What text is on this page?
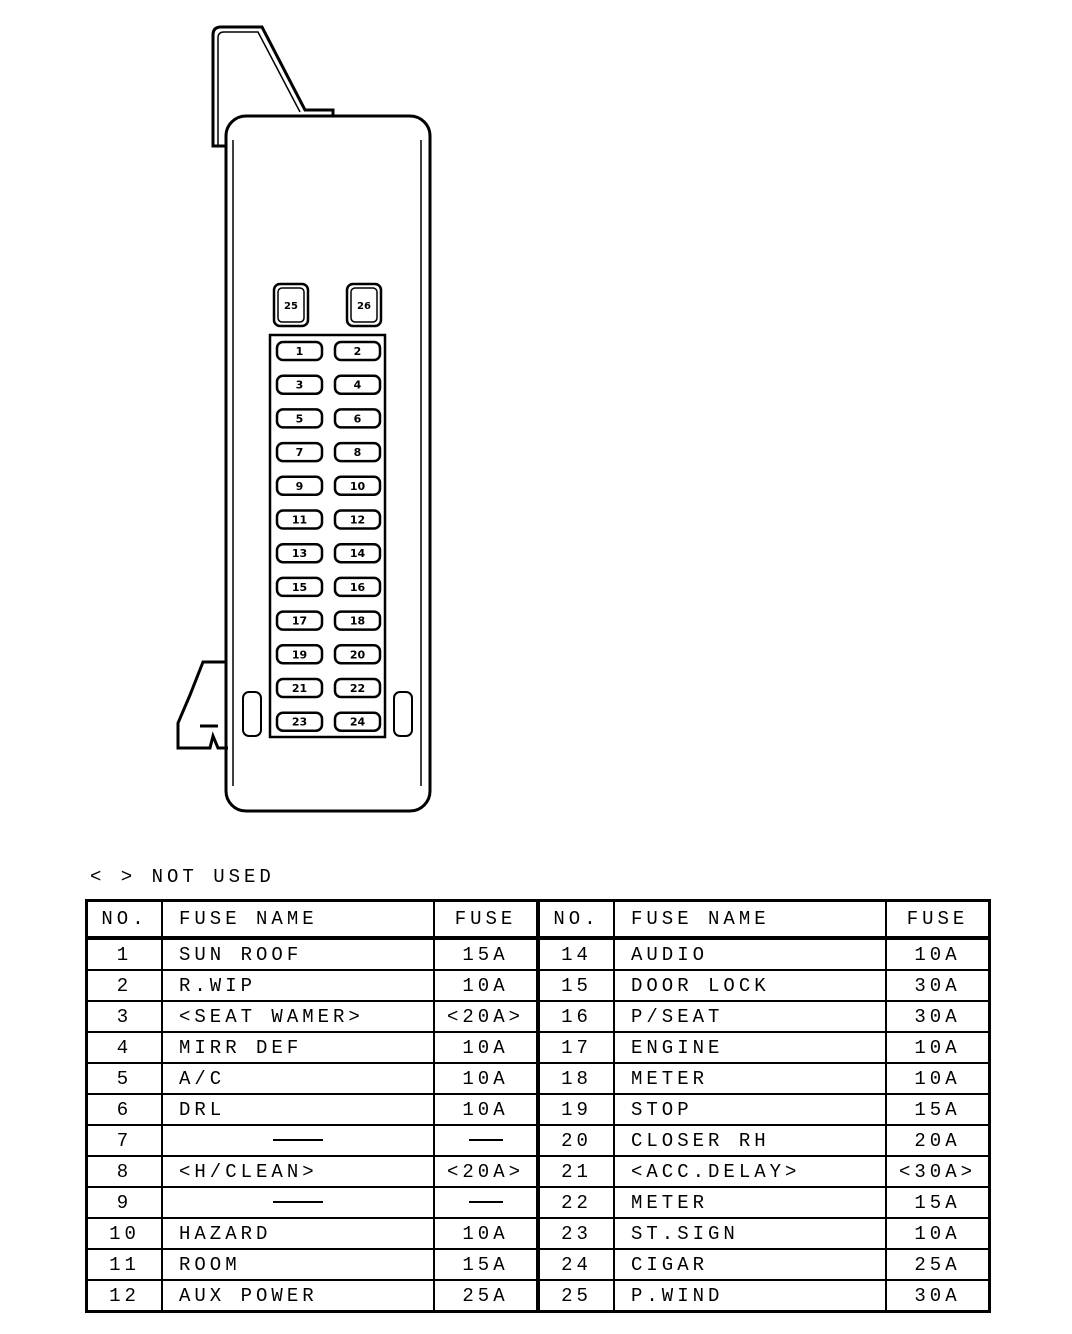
25	26
1	2
3	4
5	6
7	8
9	10
11	12
13	14
15	16
17	18
19	20
21	22
23	24
< > NOT USED
NO.	FUSE NAME	FUSE	NO.	FUSE NAME	FUSE
1	SUN ROOF	15A	14	AUDIO	10A
2	R.WIP	10A	15	DOOR LOCK	30A
3	<SEAT WAMER>	<20A>	16	P/SEAT	30A
4	MIRR DEF	10A	17	ENGINE	10A
5	A/C	10A	18	METER	10A
6	DRL	10A	19	STOP	15A
7			20	CLOSER RH	20A
8	<H/CLEAN>	<20A>	21	<ACC.DELAY>	<30A>
9			22	METER	15A
10	HAZARD	10A	23	ST.SIGN	10A
11	ROOM	15A	24	CIGAR	25A
12	AUX POWER	25A	25	P.WIND	30A
